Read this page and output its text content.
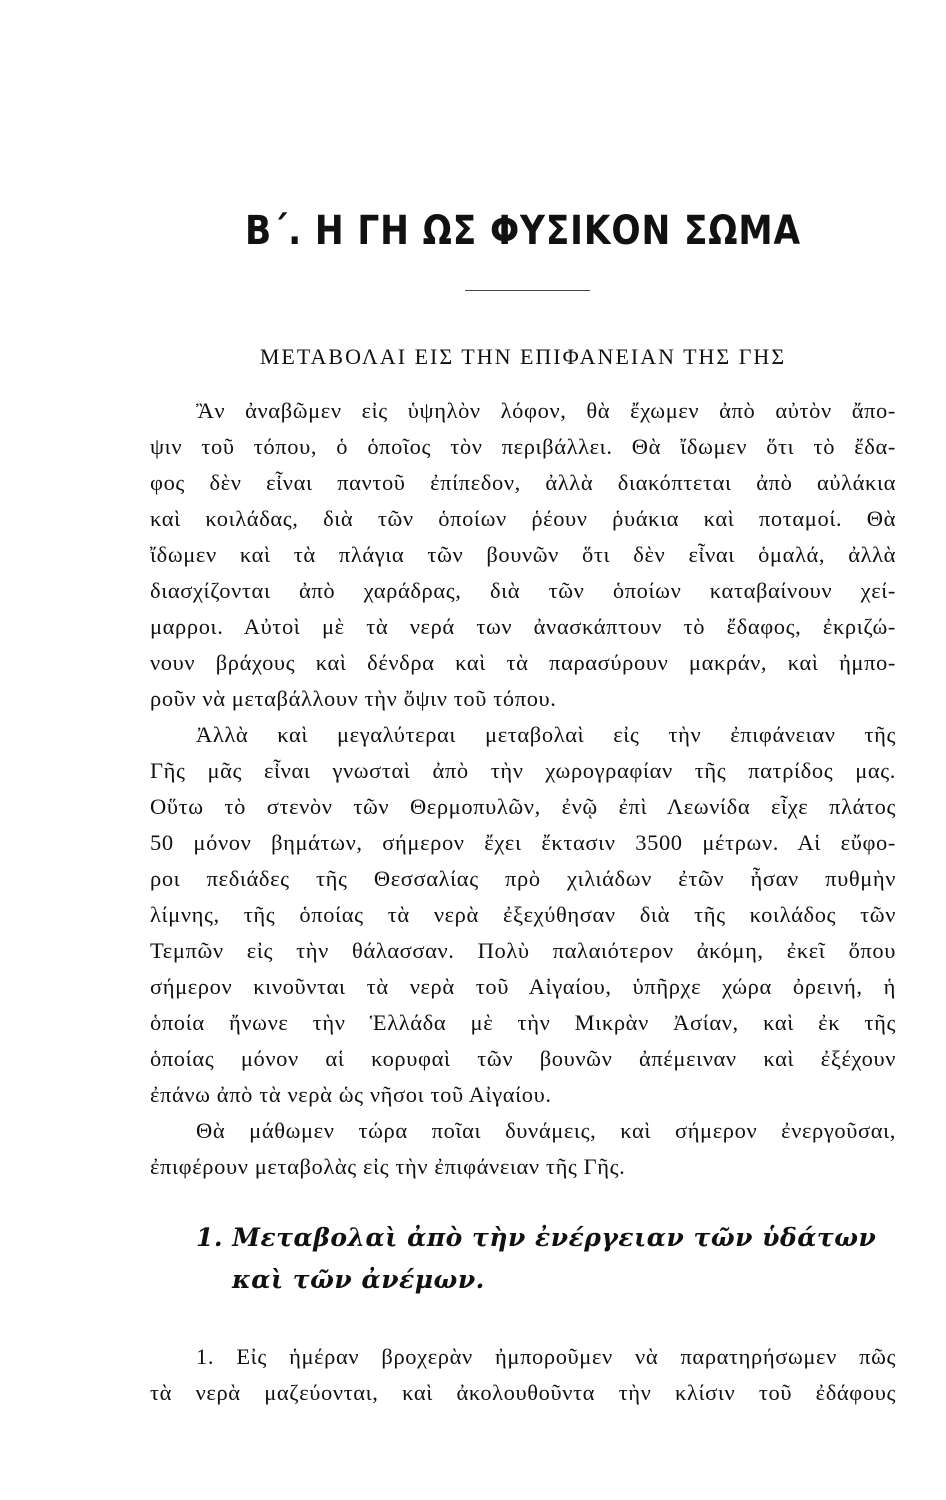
Β΄. Η ΓΗ ΩΣ ΦΥΣΙΚΟΝ ΣΩΜΑ
ΜΕΤΑΒΟΛΑΙ ΕΙΣ ΤΗΝ ΕΠΙΦΑΝΕΙΑΝ ΤΗΣ ΓΗΣ
Ἂν ἀναβῶμεν εἰς ὑψηλὸν λόφον, θὰ ἔχωμεν ἀπὸ αὐτὸν ἄπο-
ψιν τοῦ τόπου, ὁ ὁποῖος τὸν περιβάλλει. Θὰ ἴδωμεν ὅτι τὸ ἔδα-
φος δὲν εἶναι παντοῦ ἐπίπεδον, ἀλλὰ διακόπτεται ἀπὸ αὐλάκια
καὶ κοιλάδας, διὰ τῶν ὁποίων ῥέουν ῥυάκια καὶ ποταμοί. Θὰ
ἴδωμεν καὶ τὰ πλάγια τῶν βουνῶν ὅτι δὲν εἶναι ὁμαλά, ἀλλὰ
διασχίζονται ἀπὸ χαράδρας, διὰ τῶν ὁποίων καταβαίνουν χεί-
μαρροι. Αὐτοὶ μὲ τὰ νερά των ἀνασκάπτουν τὸ ἔδαφος, ἐκριζώ-
νουν βράχους καὶ δένδρα καὶ τὰ παρασύρουν μακράν, καὶ ἠμπο-
ροῦν νὰ μεταβάλλουν τὴν ὄψιν τοῦ τόπου.
Ἀλλὰ καὶ μεγαλύτεραι μεταβολαὶ εἰς τὴν ἐπιφάνειαν τῆς
Γῆς μᾶς εἶναι γνωσταὶ ἀπὸ τὴν χωρογραφίαν τῆς πατρίδος μας.
Οὕτω τὸ στενὸν τῶν Θερμοπυλῶν, ἐνῷ ἐπὶ Λεωνίδα εἶχε πλάτος
50 μόνον βημάτων, σήμερον ἔχει ἔκτασιν 3500 μέτρων. Αἱ εὔφο-
ροι πεδιάδες τῆς Θεσσαλίας πρὸ χιλιάδων ἐτῶν ἦσαν πυθμὴν
λίμνης, τῆς ὁποίας τὰ νερὰ ἐξεχύθησαν διὰ τῆς κοιλάδος τῶν
Τεμπῶν εἰς τὴν θάλασσαν. Πολὺ παλαιότερον ἀκόμη, ἐκεῖ ὅπου
σήμερον κινοῦνται τὰ νερὰ τοῦ Αἰγαίου, ὑπῆρχε χώρα ὀρεινή, ἡ
ὁποία ἤνωνε τὴν Ἑλλάδα μὲ τὴν Μικρὰν Ἀσίαν, καὶ ἐκ τῆς
ὁποίας μόνον αἱ κορυφαὶ τῶν βουνῶν ἀπέμειναν καὶ ἐξέχουν
ἐπάνω ἀπὸ τὰ νερὰ ὡς νῆσοι τοῦ Αἰγαίου.
Θὰ μάθωμεν τώρα ποῖαι δυνάμεις, καὶ σήμερον ἐνεργοῦσαι,
ἐπιφέρουν μεταβολὰς εἰς τὴν ἐπιφάνειαν τῆς Γῆς.
1. Μεταβολαὶ ἀπὸ τὴν ἐνέργειαν τῶν ὑδάτων
καὶ τῶν ἀνέμων.
1. Εἰς ἡμέραν βροχερὰν ἠμποροῦμεν νὰ παρατηρήσωμεν πῶς
τὰ νερὰ μαζεύονται, καὶ ἀκολουθοῦντα τὴν κλίσιν τοῦ ἐδάφους
